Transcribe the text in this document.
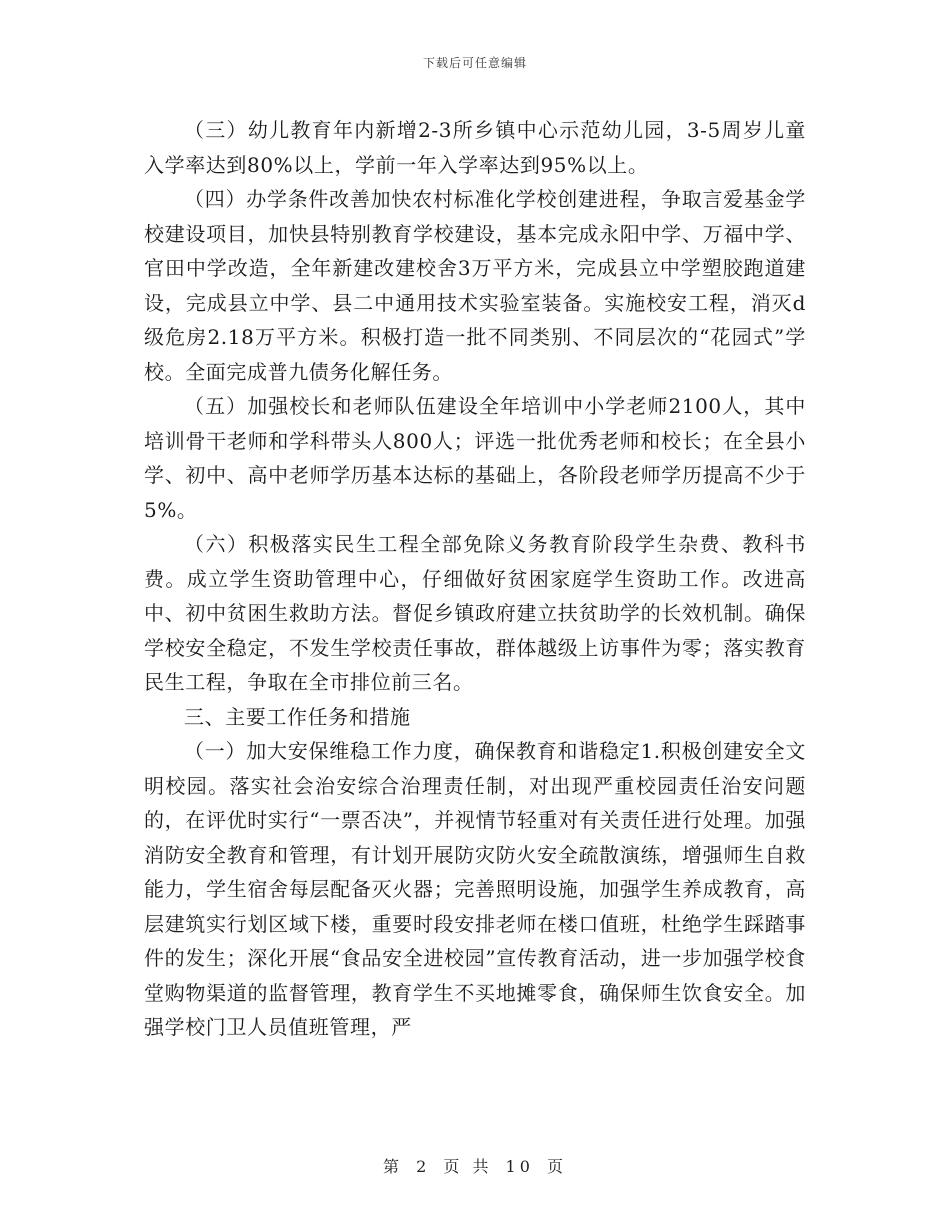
下载后可任意编辑

（三）幼儿教育年内新增2-3所乡镇中心示范幼儿园，3-5周岁儿童入学率达到80%以上，学前一年入学率达到95%以上。

（四）办学条件改善加快农村标准化学校创建进程，争取言爱基金学校建设项目，加快县特别教育学校建设，基本完成永阳中学、万福中学、官田中学改造，全年新建改建校舍3万平方米，完成县立中学塑胶跑道建设，完成县立中学、县二中通用技术实验室装备。实施校安工程，消灭d级危房2.18万平方米。积极打造一批不同类别、不同层次的“花园式”学校。全面完成普九债务化解任务。

（五）加强校长和老师队伍建设全年培训中小学老师2100人，其中培训骨干老师和学科带头人800人；评选一批优秀老师和校长；在全县小学、初中、高中老师学历基本达标的基础上，各阶段老师学历提高不少于5%。

（六）积极落实民生工程全部免除义务教育阶段学生杂费、教科书费。成立学生资助管理中心，仔细做好贫困家庭学生资助工作。改进高中、初中贫困生救助方法。督促乡镇政府建立扶贫助学的长效机制。确保学校安全稳定，不发生学校责任事故，群体越级上访事件为零；落实教育民生工程，争取在全市排位前三名。

三、主要工作任务和措施

（一）加大安保维稳工作力度，确保教育和谐稳定1.积极创建安全文明校园。落实社会治安综合治理责任制，对出现严重校园责任治安问题的，在评优时实行“一票否决”，并视情节轻重对有关责任进行处理。加强消防安全教育和管理，有计划开展防灾防火安全疏散演练，增强师生自救能力，学生宿舍每层配备灭火器；完善照明设施，加强学生养成教育，高层建筑实行划区域下楼，重要时段安排老师在楼口值班，杜绝学生踩踏事件的发生；深化开展“食品安全进校园”宣传教育活动，进一步加强学校食堂购物渠道的监督管理，教育学生不买地摊零食，确保师生饮食安全。加强学校门卫人员值班管理，严

第 2 页 共 10 页
